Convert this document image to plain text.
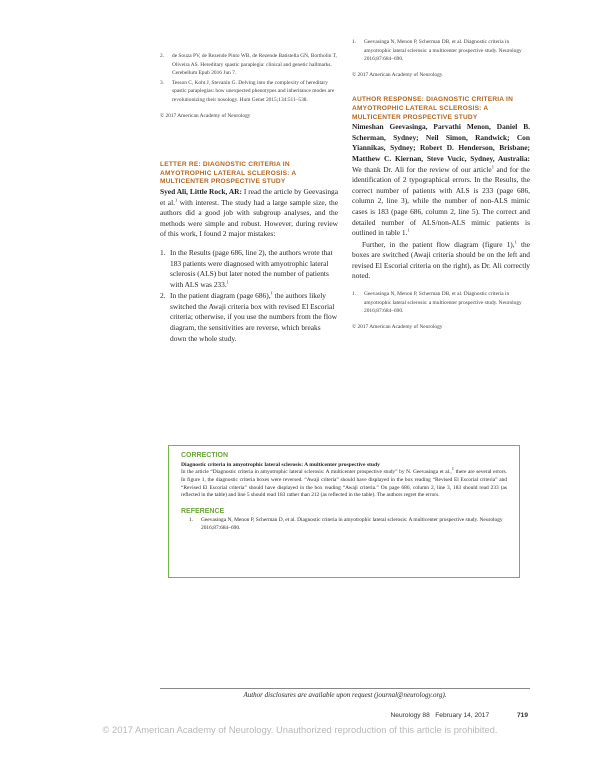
2.	de Souza PV, de Rezende Pinto WB, de Rezende Batistella GN, Bortholin T, Oliveira AS. Hereditary spastic paraplegia: clinical and genetic hallmarks. Cerebellum Epub 2016 Jun 7.
3.	Tesson C, Koht J, Stevanin G. Delving into the complexity of hereditary spastic paraplegias: how unexpected phenotypes and inheritance modes are revolutionizing their nosology. Hum Genet 2015;134:511–538.

© 2017 American Academy of Neurology

LETTER RE: DIAGNOSTIC CRITERIA IN AMYOTROPHIC LATERAL SCLEROSIS: A MULTICENTER PROSPECTIVE STUDY

Syed Ali, Little Rock, AR: I read the article by Geevasinga et al.$^1$ with interest. The study had a large sample size, the authors did a good job with subgroup analyses, and the methods were simple and robust. However, during review of this work, I found 2 major mistakes:

1. In the Results (page 686, line 2), the authors wrote that 183 patients were diagnosed with amyotrophic lateral sclerosis (ALS) but later noted the number of patients with ALS was 233.$^1$
2. In the patient diagram (page 686),$^1$ the authors likely switched the Awaji criteria box with revised El Escorial criteria; otherwise, if you use the numbers from the flow diagram, the sensitivities are reverse, which breaks down the whole study.
1.	Geevasinga N, Menon P, Scherman DB, et al. Diagnostic criteria in amyotrophic lateral sclerosis: a multicenter prospective study. Neurology 2016;87:684–690.

© 2017 American Academy of Neurology

AUTHOR RESPONSE: DIAGNOSTIC CRITERIA IN AMYOTROPHIC LATERAL SCLEROSIS: A MULTICENTER PROSPECTIVE STUDY

Nimeshan Geevasinga, Parvathi Menon, Daniel B. Scherman, Sydney; Neil Simon, Randwick; Con Yiannikas, Sydney; Robert D. Henderson, Brisbane; Matthew C. Kiernan, Steve Vucic, Sydney, Australia: We thank Dr. Ali for the review of our article$^1$ and for the identification of 2 typographical errors. In the Results, the correct number of patients with ALS is 233 (page 686, column 2, line 3), while the number of non-ALS mimic cases is 183 (page 686, column 2, line 5). The correct and detailed number of ALS/non-ALS mimic patients is outlined in table 1.$^1$

Further, in the patient flow diagram (figure 1),$^1$ the boxes are switched (Awaji criteria should be on the left and revised El Escorial criteria on the right), as Dr. Ali correctly noted.

1.	Geevasinga N, Menon P, Scherman DB, et al. Diagnostic criteria in amyotrophic lateral sclerosis: a multicenter prospective study. Neurology 2016;87:684–690.

© 2017 American Academy of Neurology

CORRECTION

Diagnostic criteria in amyotrophic lateral sclerosis: A multicenter prospective study

In the article “Diagnostic criteria in amyotrophic lateral sclerosis: A multicenter prospective study” by N. Geevasinga et al.,$^1$ there are several errors. In figure 1, the diagnostic criteria boxes were reversed. “Awaji criteria” should have displayed in the box reading “Revised El Escorial criteria” and “Revised El Escorial criteria” should have displayed in the box reading “Awaji criteria.” On page 686, column 2, line 3, 183 should read 233 (as reflected in the table) and line 5 should read 183 rather than 212 (as reflected in the table). The authors regret the errors.

REFERENCE

1.	Geevasinga N, Menon P, Scherman D, et al. Diagnostic criteria in amyotrophic lateral sclerosis: A multicenter prospective study. Neurology 2016;87:684–690.

Author disclosures are available upon request (journal@neurology.org).
Neurology 88 February 14, 2017	719
© 2017 American Academy of Neurology. Unauthorized reproduction of this article is prohibited.
